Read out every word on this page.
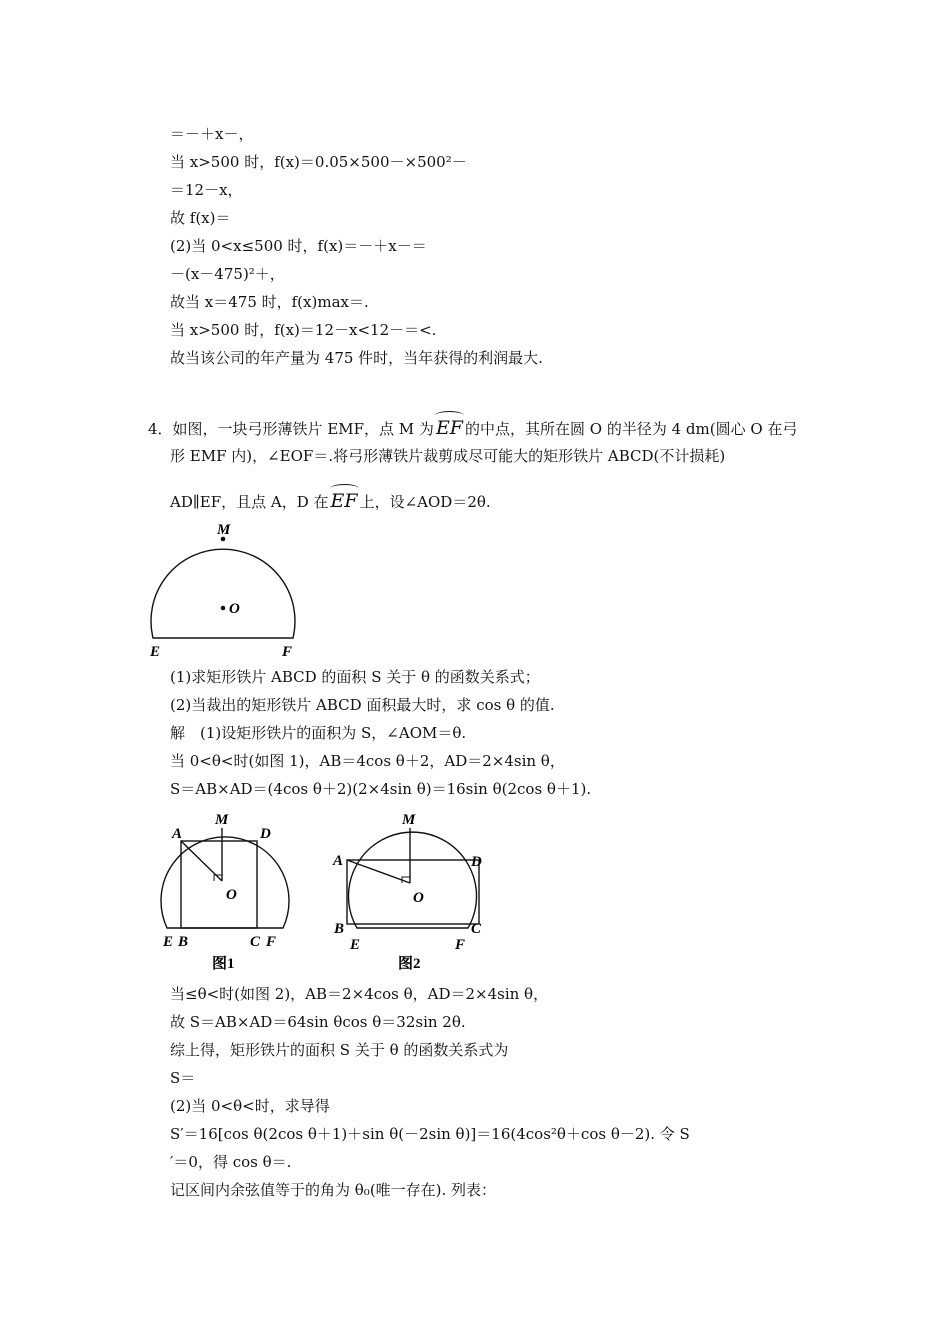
＝－＋x－，
当 x>500 时，f(x)＝0.05×500－×500²－
＝12－x，
故 f(x)＝
(2)当 0<x≤500 时，f(x)＝－＋x－＝
－(x－475)²＋，
故当 x＝475 时，f(x)max＝.
当 x>500 时，f(x)＝12－x<12－＝<.
故当该公司的年产量为 475 件时，当年获得的利润最大.
4．如图，一块弓形薄铁片 EMF，点 M 为 EF 的中点，其所在圆 O 的半径为 4 dm(圆心 O 在弓
形 EMF 内)，∠EOF＝.将弓形薄铁片裁剪成尽可能大的矩形铁片 ABCD(不计损耗)
AD∥EF，且点 A，D 在 EF 上，设∠AOD＝2θ.
M
O
E	F
(1)求矩形铁片 ABCD 的面积 S 关于 θ 的函数关系式；
(2)当裁出的矩形铁片 ABCD 面积最大时，求 cos θ 的值.
解　(1)设矩形铁片的面积为 S，∠AOM＝θ.
当 0<θ<时(如图 1)，AB＝4cos θ＋2，AD＝2×4sin θ，
S＝AB×AD＝(4cos θ＋2)(2×4sin θ)＝16sin θ(2cos θ＋1).
A
M
D
O
E B	C F
图1
A
M
D
O
B	C
E	F
图2
当≤θ<时(如图 2)，AB＝2×4cos θ，AD＝2×4sin θ，
故 S＝AB×AD＝64sin θcos θ＝32sin 2θ.
综上得，矩形铁片的面积 S 关于 θ 的函数关系式为
S＝
(2)当 0<θ<时，求导得
S′＝16[cos θ(2cos θ＋1)＋sin θ(－2sin θ)]＝16(4cos²θ＋cos θ－2). 令 S
′＝0，得 cos θ＝.
记区间内余弦值等于的角为 θ₀(唯一存在). 列表：
